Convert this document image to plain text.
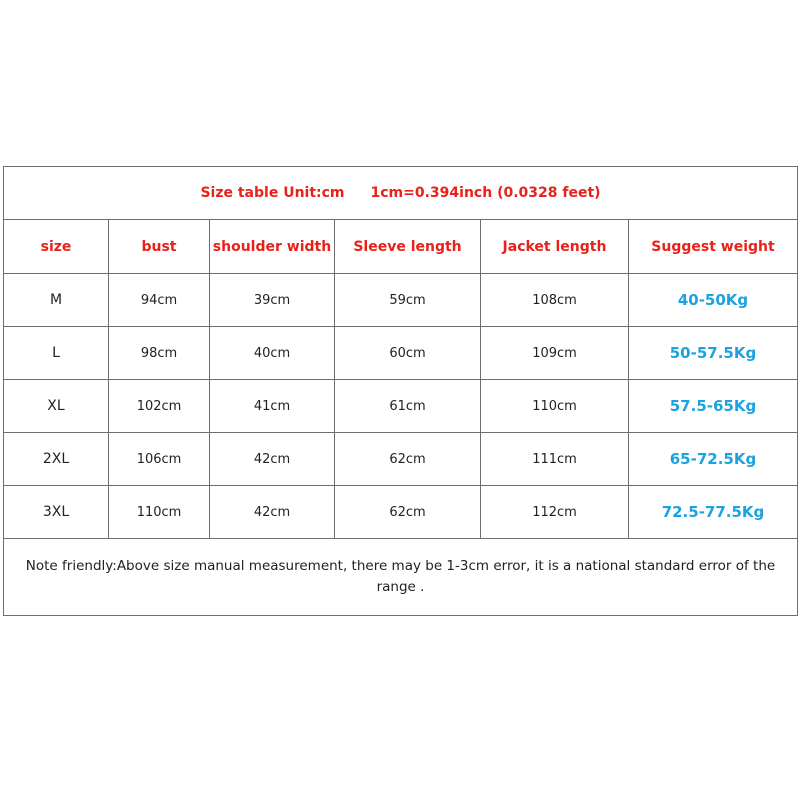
Size table Unit:cm 1cm=0.394inch (0.0328 feet)					
size	bust	shoulder width	Sleeve length	Jacket length	Suggest weight
M	94cm	39cm	59cm	108cm	40-50Kg
L	98cm	40cm	60cm	109cm	50-57.5Kg
XL	102cm	41cm	61cm	110cm	57.5-65Kg
2XL	106cm	42cm	62cm	111cm	65-72.5Kg
3XL	110cm	42cm	62cm	112cm	72.5-77.5Kg
Note friendly:Above size manual measurement, there may be 1-3cm error, it is a national standard error of the range .					
